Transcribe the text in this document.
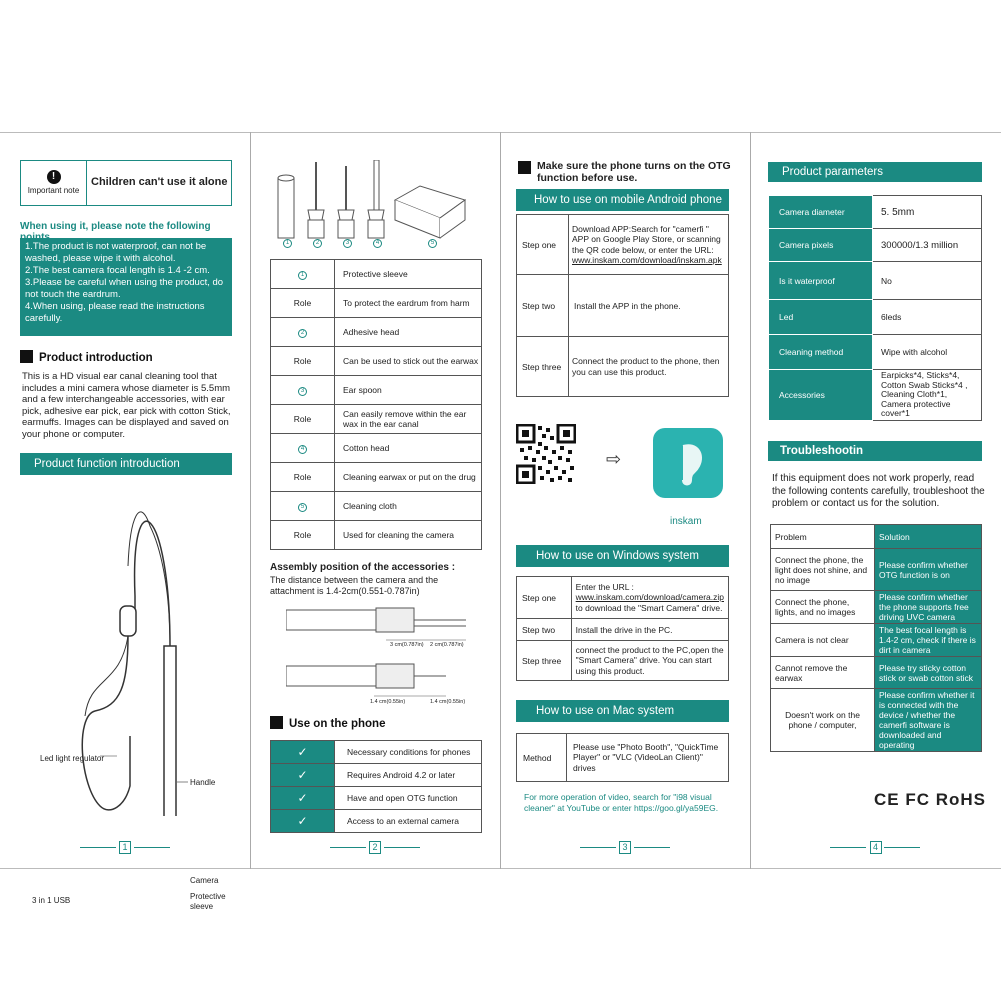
!
Important note
Children can't use it alone
When using it, please note the following
1.The product is not waterproof, can not be washed, please wipe it with alcohol.
2.The best camera focal length is 1.4 -2 cm.
3.Please be careful when using the product, do not touch the eardrum.
4.When using, please read the instructions carefully.
Product introduction
This is a HD visual ear canal cleaning tool that includes a mini camera whose diameter is 5.5mm and a few interchangeable accessories, with ear pick, adhesive ear pick, ear pick with cotton Stick, earmuffs. Images can be displayed and saved on your phone or computer.
Product function introduction
Led light regulator
Handle
Camera
Protective sleeve
3 in 1 USB
1
1	2	3	4	5
1	Protective sleeve
Role	To protect the eardrum from harm
2	Adhesive head
Role	Can be used to stick out the earwax
3	Ear spoon
Role	Can easily remove within the ear wax in the ear canal
4	Cotton head
Role	Cleaning earwax or put on the drug
5	Cleaning cloth
Role	Used for cleaning the camera
Assembly position of the accessories :
The distance between the camera and the attachment is 1.4-2cm(0.551-0.787in)
3 cm(0.787in) 2 cm(0.787in)
1.4 cm(0.55in)	1.4 cm(0.55in)
Use on the phone
✓	Necessary conditions for phones
✓	Requires Android 4.2 or later
✓	Have and open OTG function
✓	Access to an external camera
2
Make sure the phone turns on the OTG function before use.
How to use on mobile Android phone
Step one	Download APP:Search for "camerfi " APP on Google Play Store, or scanning the QR code below, or enter the URL:
www.inskam.com/download/inskam.apk
Step two	Install the APP in the phone.
Step three	Connect the product to the phone, then you can use this product.
⇨
inskam
How to use on Windows system
Step one	Enter the URL :
www.inskam.com/download/camera.zip
to download the "Smart Camera" drive.
Step two	Install the drive in the PC.
Step three	connect the product to the PC,open the "Smart Camera" drive. You can start using this product.
How to use on Mac system
Method	Please use "Photo Booth", "QuickTime Player" or "VLC (VideoLan Client)" drives
For more operation of video, search for "i98 visual cleaner" at YouTube or enter https://goo.gl/ya59EG.
3
Product parameters
Camera diameter	5. 5mm
Camera pixels	300000/1.3 million
Is it waterproof	No
Led	6leds
Cleaning method	Wipe with alcohol
Accessories	Earpicks*4, Sticks*4, Cotton Swab Sticks*4 , Cleaning Cloth*1, Camera protective cover*1
Troubleshootin
If this equipment does not work properly, read the following contents carefully, troubleshoot the problem or contact us for the solution.
Problem	Solution
Connect the phone, the light does not shine, and no image	Please confirm whether OTG function is on
Connect the phone, lights, and no images	Please confirm whether the phone supports free driving UVC camera
Camera is not clear	The best focal length is 1.4-2 cm, check if there is dirt in camera
Cannot remove the earwax	Please try sticky cotton stick or swab cotton stick
Doesn't work on the phone / computer,	Please confirm whether it is connected with the device / whether the camerfi software is downloaded and operating
CE FC RoHS
4
